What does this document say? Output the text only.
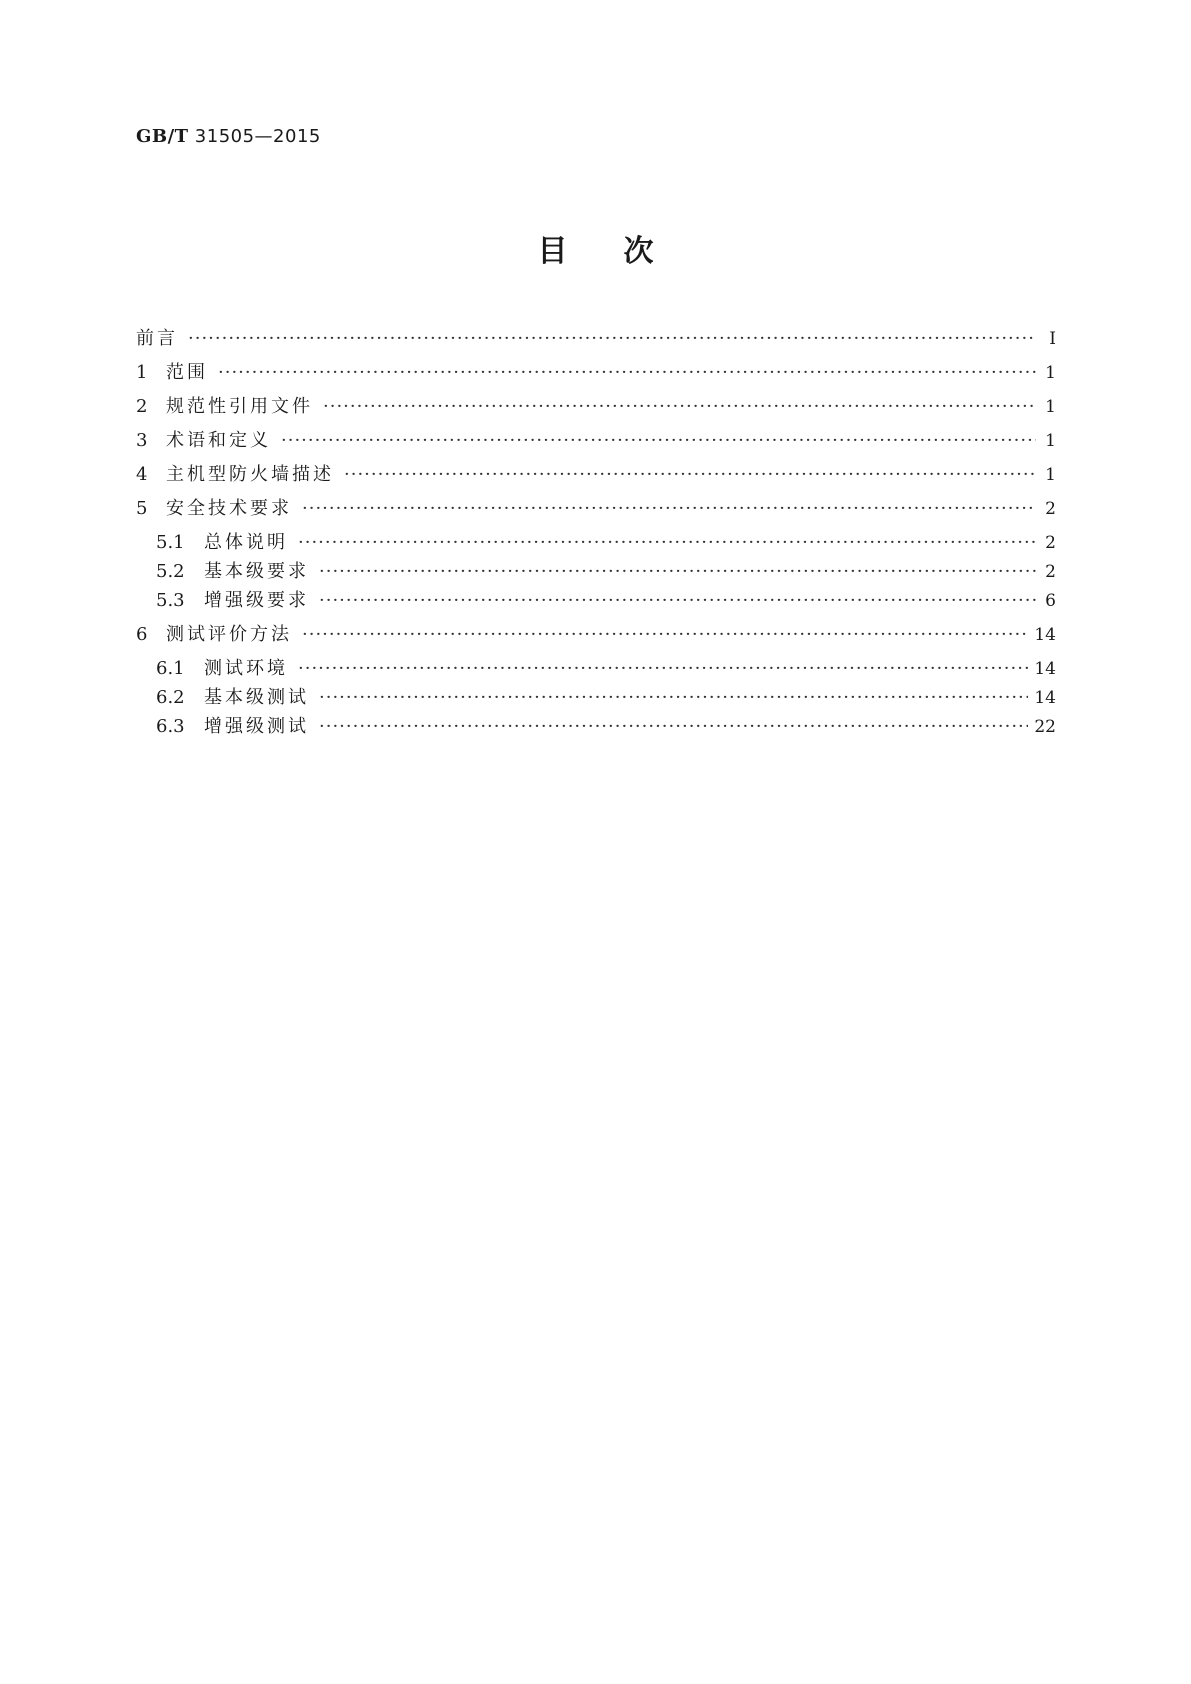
GB/T 31505—2015
目次
前言 ·····	Ⅰ
1	范围 ·····	1
2	规范性引用文件 ·····	1
3	术语和定义 ·····	1
4	主机型防火墙描述 ·····	1
5	安全技术要求 ·····	2
5.1	总体说明 ·····	2
5.2	基本级要求 ·····	2
5.3	增强级要求 ·····	6
6	测试评价方法 ·····	14
6.1	测试环境 ·····	14
6.2	基本级测试 ·····	14
6.3	增强级测试 ·····	22
